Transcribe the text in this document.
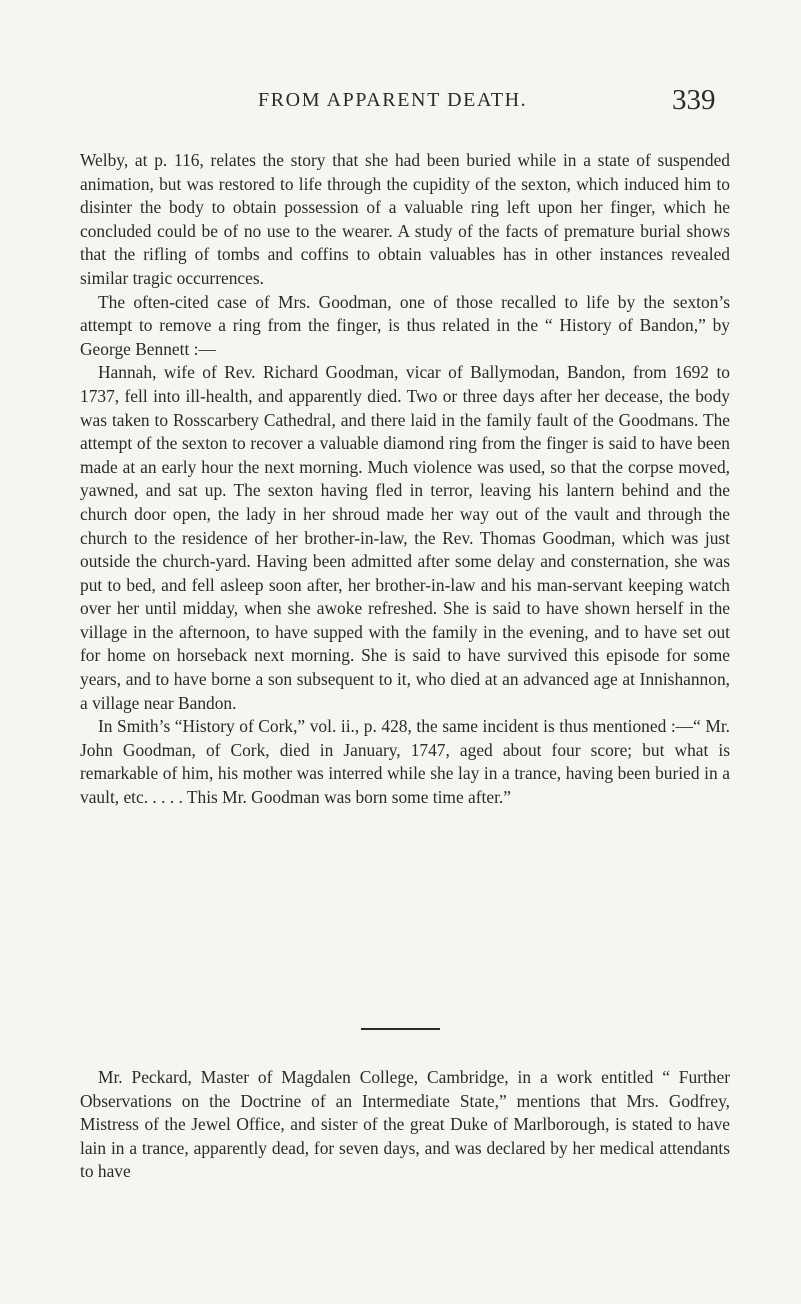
FROM APPARENT DEATH.	339

Welby, at p. 116, relates the story that she had been buried while in a state of suspended animation, but was restored to life through the cupidity of the sexton, which induced him to disinter the body to obtain possession of a valuable ring left upon her finger, which he concluded could be of no use to the wearer. A study of the facts of premature burial shows that the rifling of tombs and coffins to obtain valuables has in other instances revealed similar tragic occurrences.

The often-cited case of Mrs. Goodman, one of those recalled to life by the sexton’s attempt to remove a ring from the finger, is thus related in the “ History of Bandon,” by George Bennett :—

Hannah, wife of Rev. Richard Goodman, vicar of Ballymodan, Bandon, from 1692 to 1737, fell into ill-health, and apparently died. Two or three days after her decease, the body was taken to Rosscarbery Cathedral, and there laid in the family fault of the Goodmans. The attempt of the sexton to recover a valuable diamond ring from the finger is said to have been made at an early hour the next morning. Much violence was used, so that the corpse moved, yawned, and sat up. The sexton having fled in terror, leaving his lantern behind and the church door open, the lady in her shroud made her way out of the vault and through the church to the residence of her brother-in-law, the Rev. Thomas Goodman, which was just outside the church-yard. Having been admitted after some delay and consternation, she was put to bed, and fell asleep soon after, her brother-in-law and his man-servant keeping watch over her until midday, when she awoke refreshed. She is said to have shown herself in the village in the afternoon, to have supped with the family in the evening, and to have set out for home on horseback next morning. She is said to have survived this episode for some years, and to have borne a son subsequent to it, who died at an advanced age at Innishannon, a village near Bandon.

In Smith’s “History of Cork,” vol. ii., p. 428, the same incident is thus mentioned :—“ Mr. John Goodman, of Cork, died in January, 1747, aged about four score; but what is remarkable of him, his mother was interred while she lay in a trance, having been buried in a vault, etc. . . . . This Mr. Goodman was born some time after.”

Mr. Peckard, Master of Magdalen College, Cambridge, in a work entitled “ Further Observations on the Doctrine of an Intermediate State,” mentions that Mrs. Godfrey, Mistress of the Jewel Office, and sister of the great Duke of Marlborough, is stated to have lain in a trance, apparently dead, for seven days, and was declared by her medical attendants to have
